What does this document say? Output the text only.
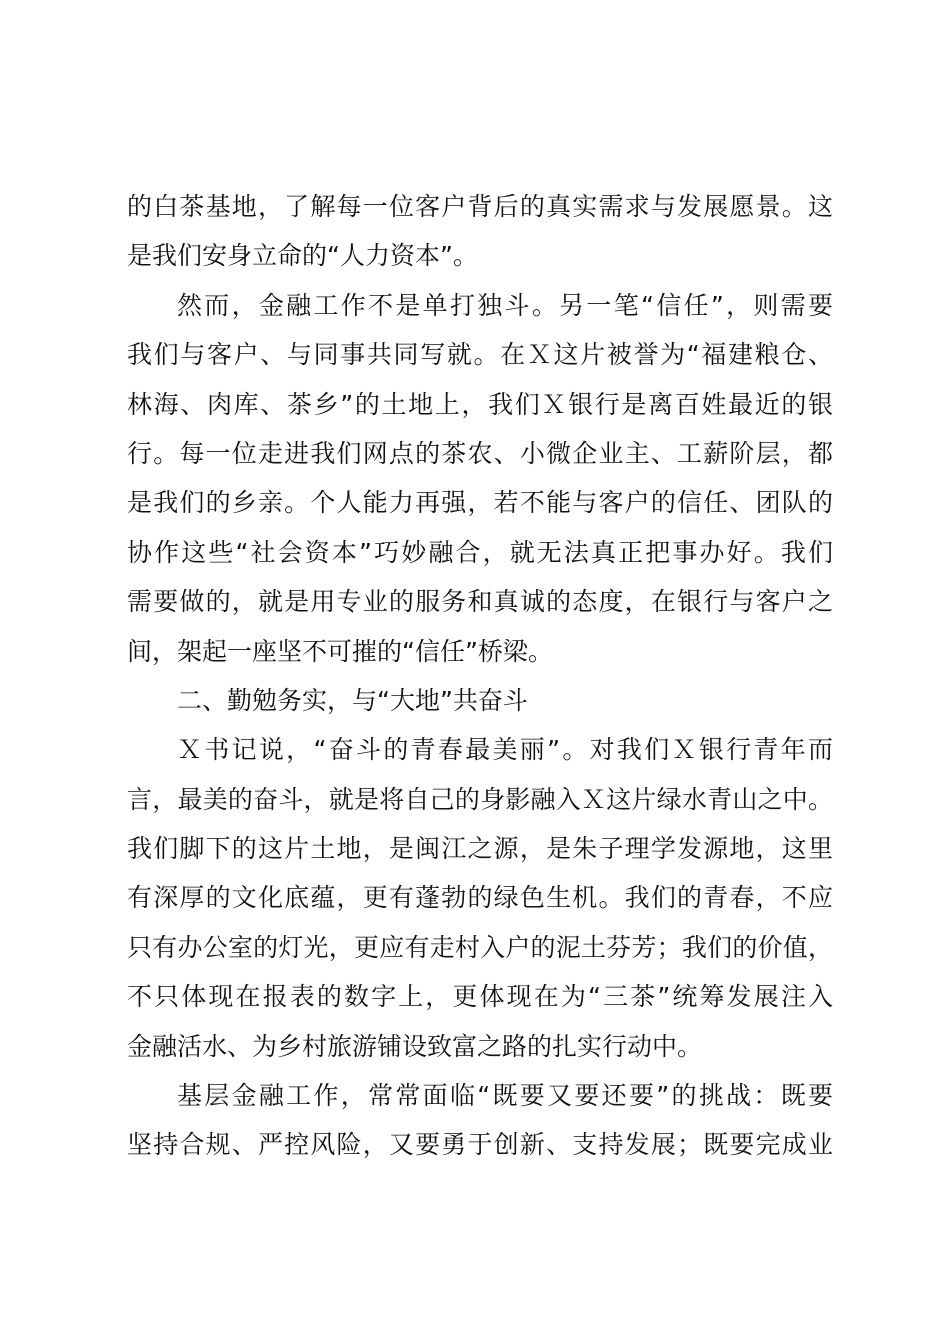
的白茶基地，了解每一位客户背后的真实需求与发展愿景。这
是我们安身立命的“人力资本”。
然而，金融工作不是单打独斗。另一笔“信任”，则需要
我们与客户、与同事共同写就。在Ｘ这片被誉为“福建粮仓、
林海、肉库、茶乡”的土地上，我们Ｘ银行是离百姓最近的银
行。每一位走进我们网点的茶农、小微企业主、工薪阶层，都
是我们的乡亲。个人能力再强，若不能与客户的信任、团队的
协作这些“社会资本”巧妙融合，就无法真正把事办好。我们
需要做的，就是用专业的服务和真诚的态度，在银行与客户之
间，架起一座坚不可摧的“信任”桥梁。
二、勤勉务实，与“大地”共奋斗
Ｘ书记说，“奋斗的青春最美丽”。对我们Ｘ银行青年而
言，最美的奋斗，就是将自己的身影融入Ｘ这片绿水青山之中。
我们脚下的这片土地，是闽江之源，是朱子理学发源地，这里
有深厚的文化底蕴，更有蓬勃的绿色生机。我们的青春，不应
只有办公室的灯光，更应有走村入户的泥土芬芳；我们的价值，
不只体现在报表的数字上，更体现在为“三茶”统筹发展注入
金融活水、为乡村旅游铺设致富之路的扎实行动中。
基层金融工作，常常面临“既要又要还要”的挑战：既要
坚持合规、严控风险，又要勇于创新、支持发展；既要完成业
